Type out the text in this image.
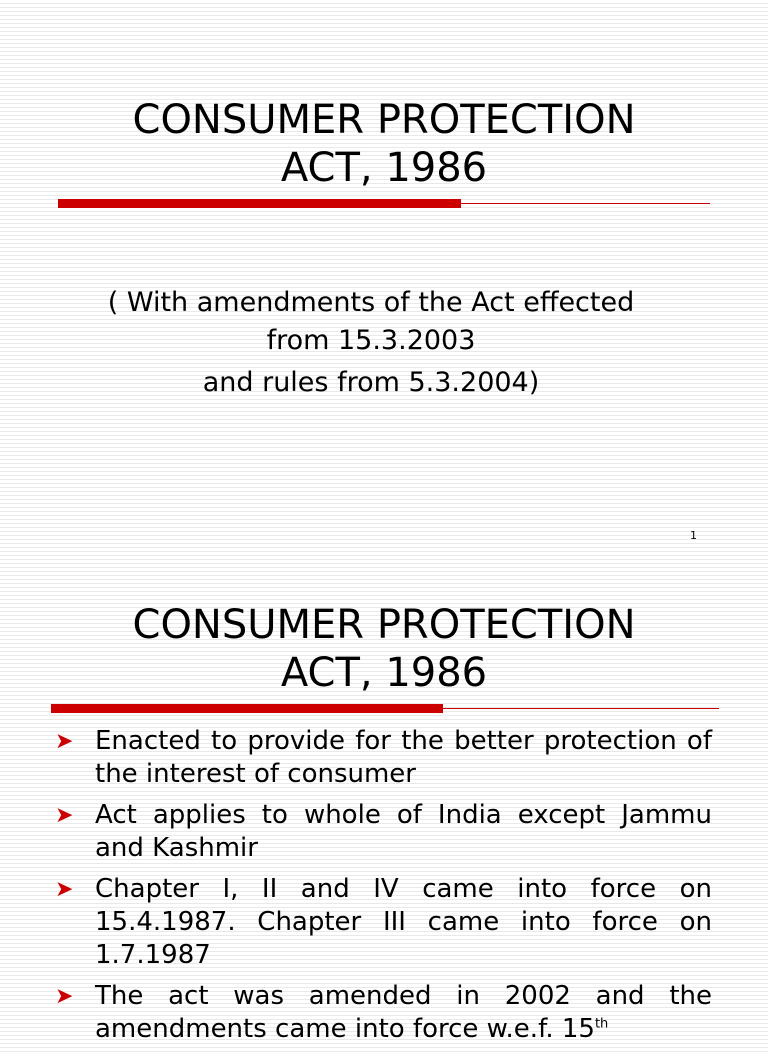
CONSUMER PROTECTION
ACT, 1986
( With amendments of the Act effected
from 15.3.2003
and rules from 5.3.2004)
1
CONSUMER PROTECTION
ACT, 1986
➤ Enacted to provide for the better protection of the interest of consumer
➤ Act applies to whole of India except Jammu and Kashmir
➤ Chapter I, II and IV came into force on 15.4.1987. Chapter III came into force on 1.7.1987
➤ The act was amended in 2002 and the amendments came into force w.e.f. 15th
